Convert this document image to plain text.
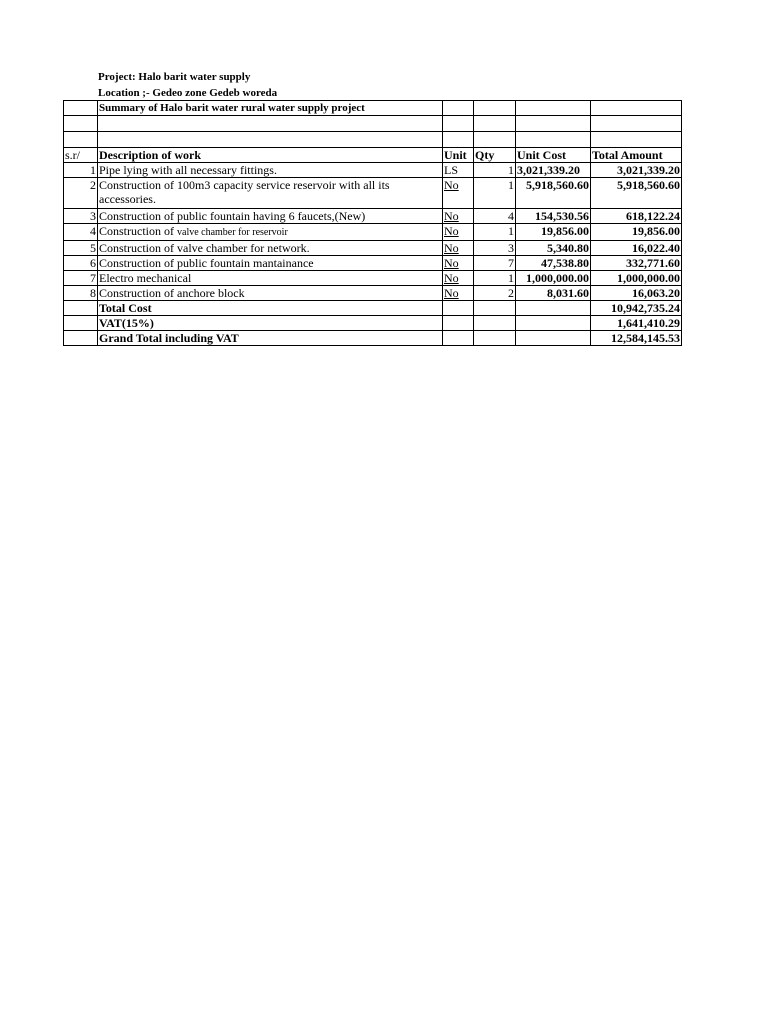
Project: Halo barit water supply
Location ;- Gedeo zone Gedeb woreda
	Summary of Halo barit water rural water supply project				

s.r/	Description of work	Unit	Qty	Unit Cost	Total Amount
1	Pipe lying with all necessary fittings.	LS	1	3,021,339.20	3,021,339.20
2	Construction of 100m3 capacity service reservoir with all its accessories.	No	1	5,918,560.60	5,918,560.60
3	Construction of public fountain having 6 faucets,(New)	No	4	154,530.56	618,122.24
4	Construction of valve chamber for reservoir	No	1	19,856.00	19,856.00
5	Construction of valve chamber for network.	No	3	5,340.80	16,022.40
6	Construction of public fountain mantainance	No	7	47,538.80	332,771.60
7	Electro mechanical	No	1	1,000,000.00	1,000,000.00
8	Construction of anchore block	No	2	8,031.60	16,063.20
	Total Cost				10,942,735.24
	VAT(15%)				1,641,410.29
	Grand Total including VAT				12,584,145.53
